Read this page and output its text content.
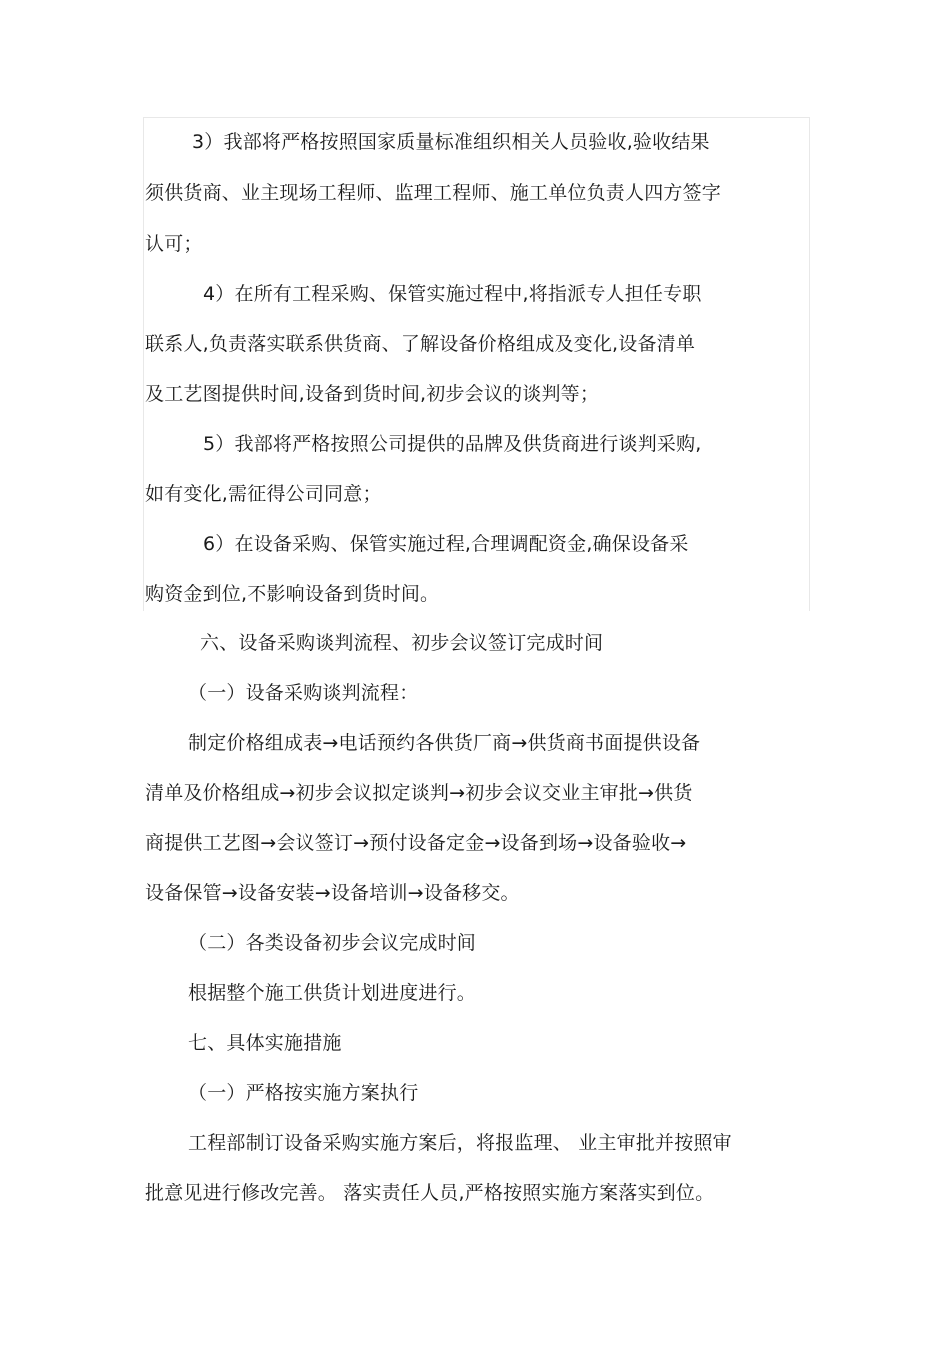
3）我部将严格按照国家质量标准组织相关人员验收,验收结果
须供货商、业主现场工程师、监理工程师、施工单位负责人四方签字
认可；
4）在所有工程采购、保管实施过程中,将指派专人担任专职
联系人,负责落实联系供货商、了解设备价格组成及变化,设备清单
及工艺图提供时间,设备到货时间,初步会议的谈判等；
5）我部将严格按照公司提供的品牌及供货商进行谈判采购,
如有变化,需征得公司同意；
6）在设备采购、保管实施过程,合理调配资金,确保设备采
购资金到位,不影响设备到货时间。
六、设备采购谈判流程、初步会议签订完成时间
（一）设备采购谈判流程：
制定价格组成表→电话预约各供货厂商→供货商书面提供设备
清单及价格组成→初步会议拟定谈判→初步会议交业主审批→供货
商提供工艺图→会议签订→预付设备定金→设备到场→设备验收→
设备保管→设备安装→设备培训→设备移交。
（二）各类设备初步会议完成时间
根据整个施工供货计划进度进行。
七、具体实施措施
（一）严格按实施方案执行
工程部制订设备采购实施方案后，将报监理、 业主审批并按照审
批意见进行修改完善。 落实责任人员,严格按照实施方案落实到位。
